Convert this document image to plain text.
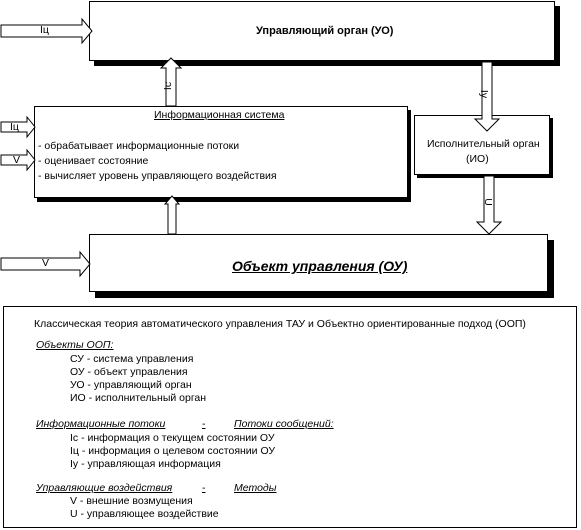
Управляющий орган (УО)
Информационная система
- обрабатывает информационные потоки
- оценивает состояние
- вычисляет уровень управляющего воздействия
Исполнительный орган
(ИО)
Объект управления (ОУ)
Iц
Iц
V
V
Ic
Iy
U
Классическая теория автоматического управления ТАУ и Объектно ориентированные подход (ООП)
Объекты ООП:
СУ - система управления
ОУ - объект управления
УО - управляющий орган
ИО - исполнительный орган
Информационные потоки	-	Потоки сообщений:
Ic - информация о текущем состоянии ОУ
Iц - информация о целевом состоянии ОУ
Iy - управляющая информация
Управляющие воздействия	-	Методы
V - внешние возмущения
U - управляющее воздействие
